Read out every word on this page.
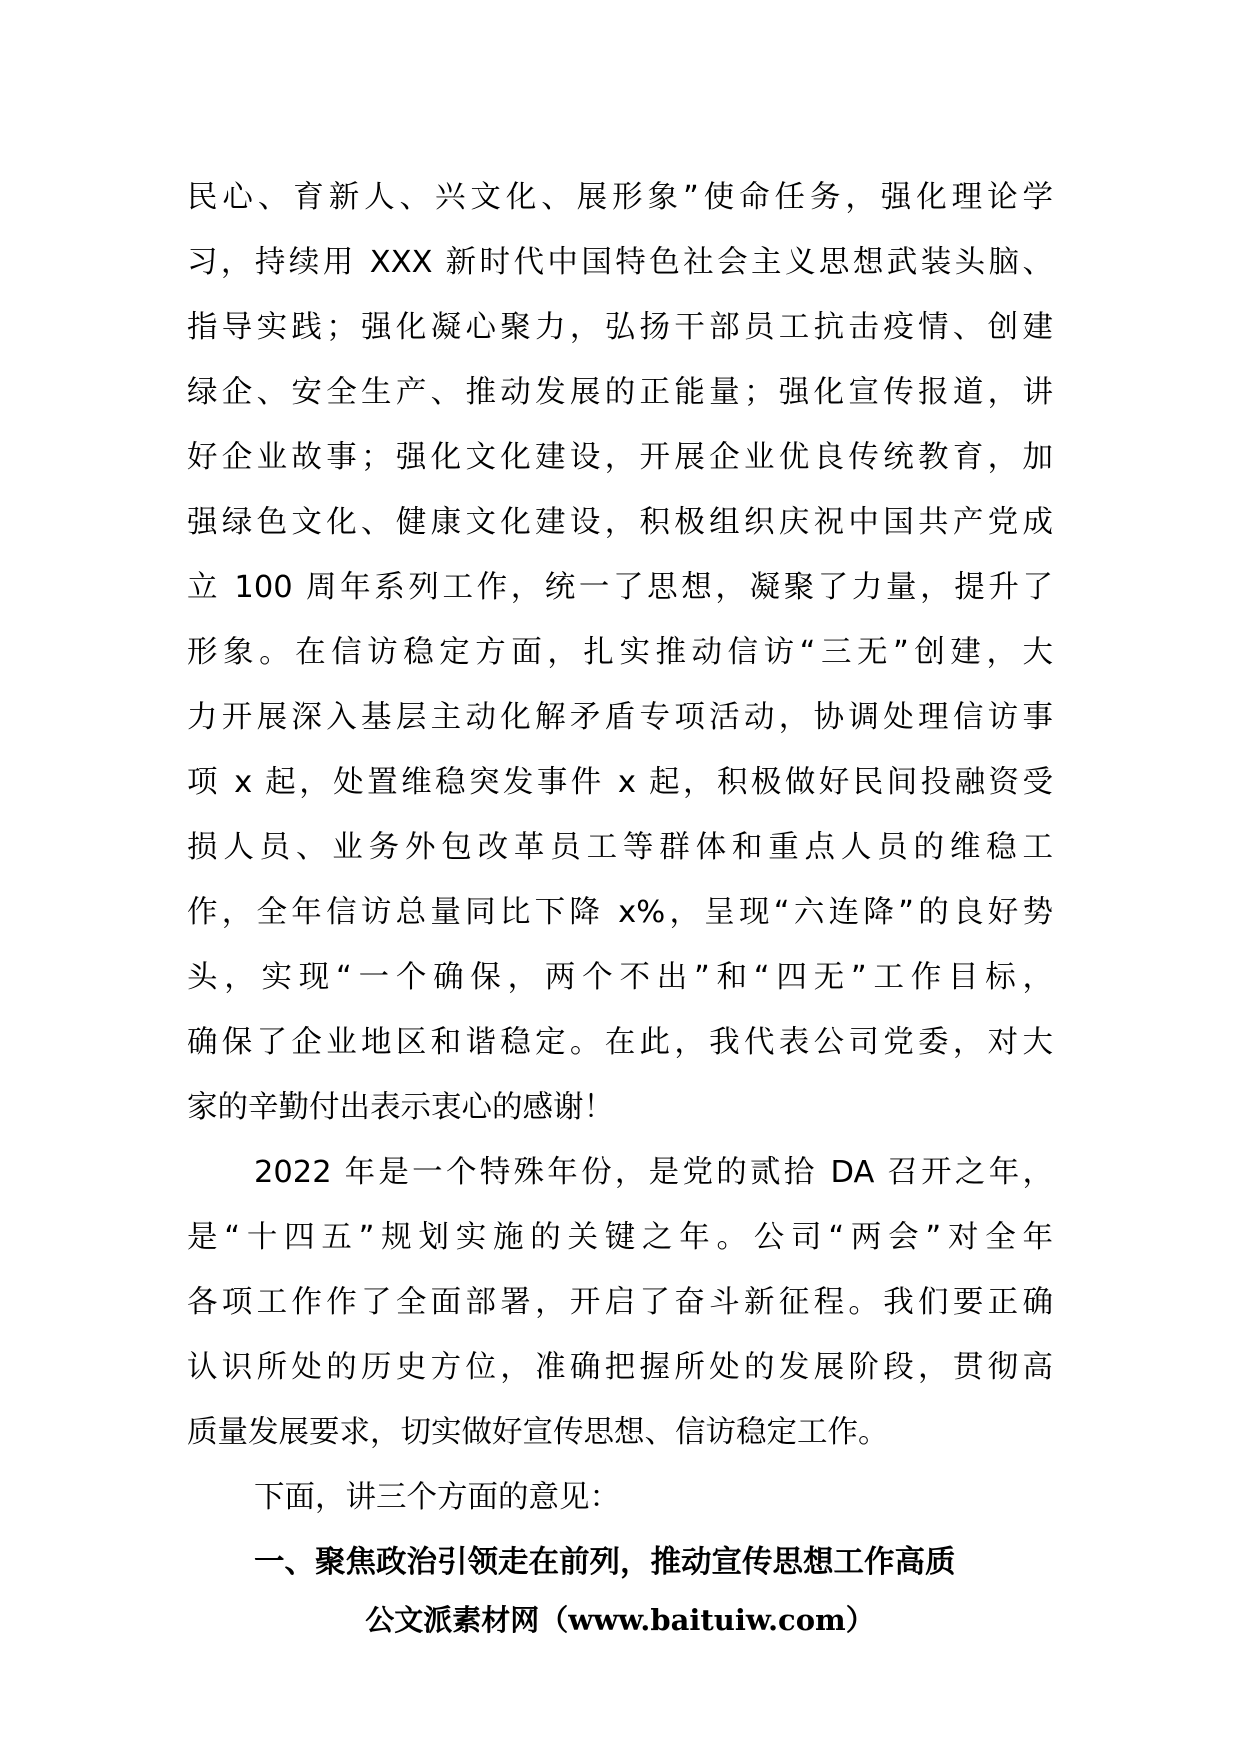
民心、育新人、兴文化、展形象”使命任务，强化理论学
习，持续用 XXX 新时代中国特色社会主义思想武装头脑、
指导实践；强化凝心聚力，弘扬干部员工抗击疫情、创建
绿企、安全生产、推动发展的正能量；强化宣传报道，讲
好企业故事；强化文化建设，开展企业优良传统教育，加
强绿色文化、健康文化建设，积极组织庆祝中国共产党成
立 100 周年系列工作，统一了思想，凝聚了力量，提升了
形象。在信访稳定方面，扎实推动信访“三无”创建，大
力开展深入基层主动化解矛盾专项活动，协调处理信访事
项 x 起，处置维稳突发事件 x 起，积极做好民间投融资受
损人员、业务外包改革员工等群体和重点人员的维稳工
作，全年信访总量同比下降 x%，呈现“六连降”的良好势
头，实现“一个确保，两个不出”和“四无”工作目标，
确保了企业地区和谐稳定。在此，我代表公司党委，对大
家的辛勤付出表示衷心的感谢！
2022 年是一个特殊年份，是党的贰拾 DA 召开之年，
是“十四五”规划实施的关键之年。公司“两会”对全年
各项工作作了全面部署，开启了奋斗新征程。我们要正确
认识所处的历史方位，准确把握所处的发展阶段，贯彻高
质量发展要求，切实做好宣传思想、信访稳定工作。
下面，讲三个方面的意见：
一、聚焦政治引领走在前列，推动宣传思想工作高质
公文派素材网（www.baituiw.com）
